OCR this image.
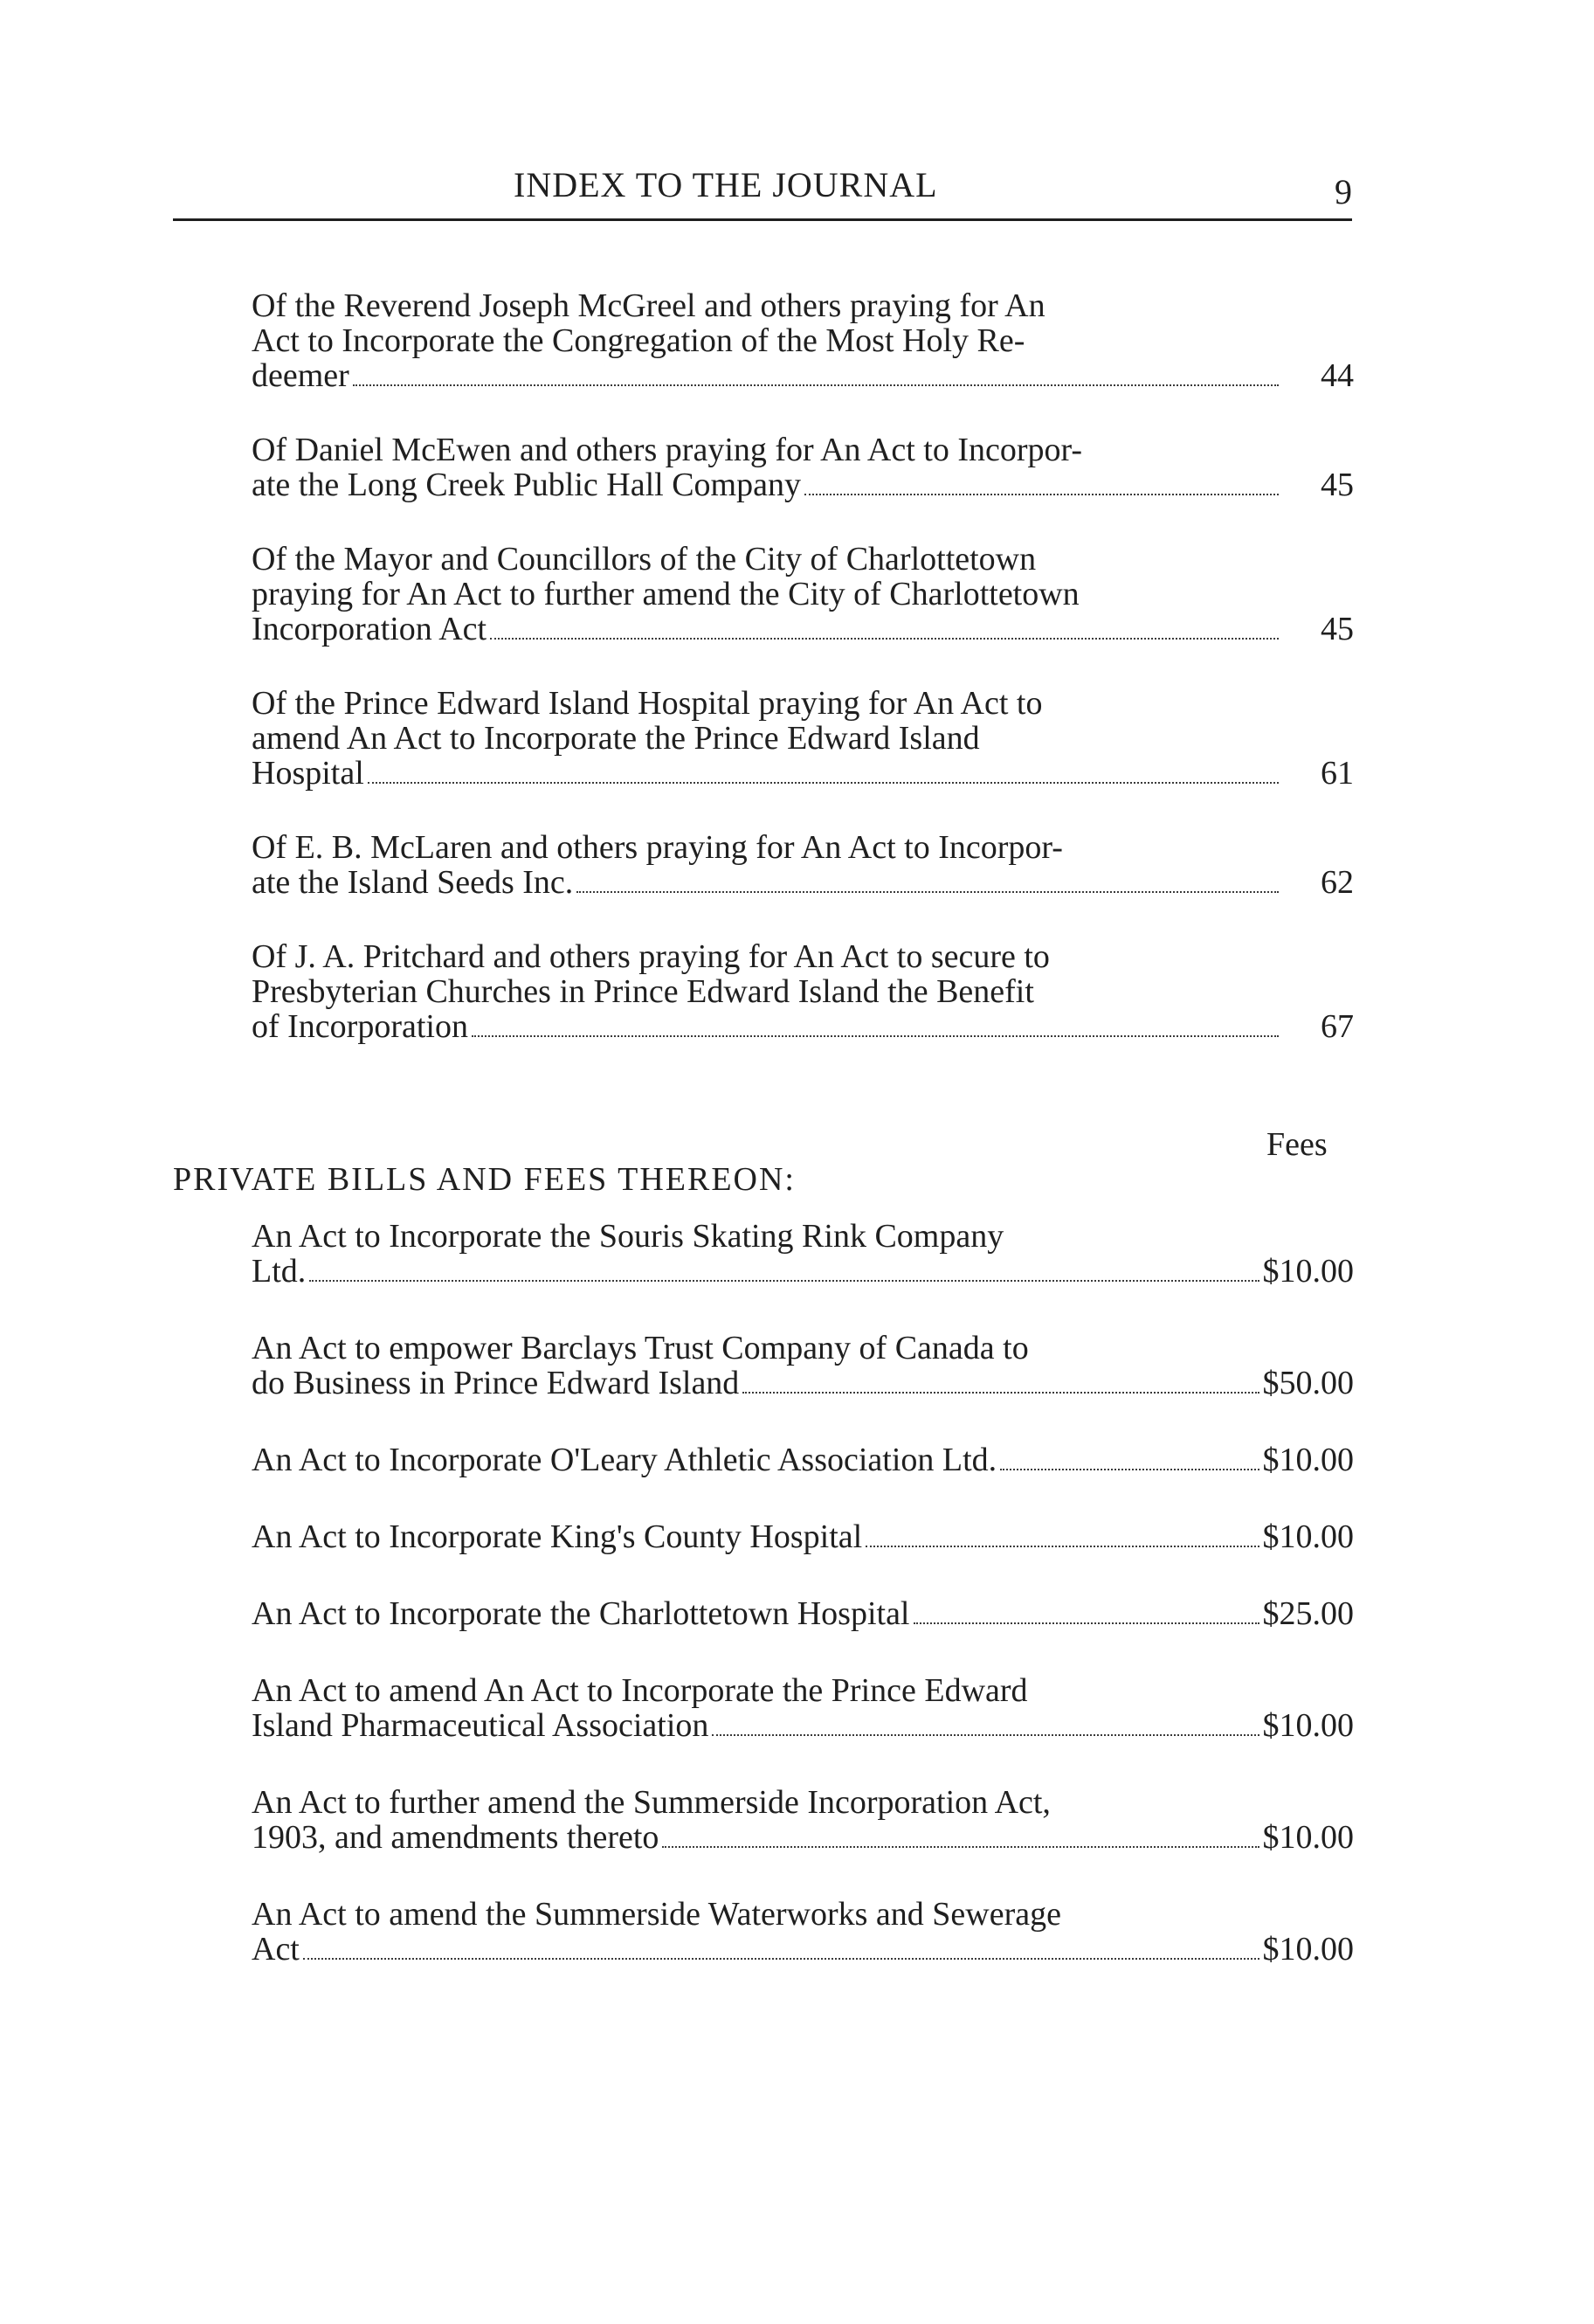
INDEX TO THE JOURNAL	9
Of the Reverend Joseph McGreel and others praying for An
Act to Incorporate the Congregation of the Most Holy Re-
deemer	44
Of Daniel McEwen and others praying for An Act to Incorpor-
ate the Long Creek Public Hall Company	45
Of the Mayor and Councillors of the City of Charlottetown
praying for An Act to further amend the City of Charlottetown
Incorporation Act	45
Of the Prince Edward Island Hospital praying for An Act to
amend An Act to Incorporate the Prince Edward Island
Hospital	61
Of E. B. McLaren and others praying for An Act to Incorpor-
ate the Island Seeds Inc.	62
Of J. A. Pritchard and others praying for An Act to secure to
Presbyterian Churches in Prince Edward Island the Benefit
of Incorporation	67
Fees
PRIVATE BILLS AND FEES THEREON:
An Act to Incorporate the Souris Skating Rink Company
Ltd.	$10.00
An Act to empower Barclays Trust Company of Canada to
do Business in Prince Edward Island	$50.00
An Act to Incorporate O'Leary Athletic Association Ltd.	$10.00
An Act to Incorporate King's County Hospital	$10.00
An Act to Incorporate the Charlottetown Hospital	$25.00
An Act to amend An Act to Incorporate the Prince Edward
Island Pharmaceutical Association	$10.00
An Act to further amend the Summerside Incorporation Act,
1903, and amendments thereto	$10.00
An Act to amend the Summerside Waterworks and Sewerage
Act	$10.00
